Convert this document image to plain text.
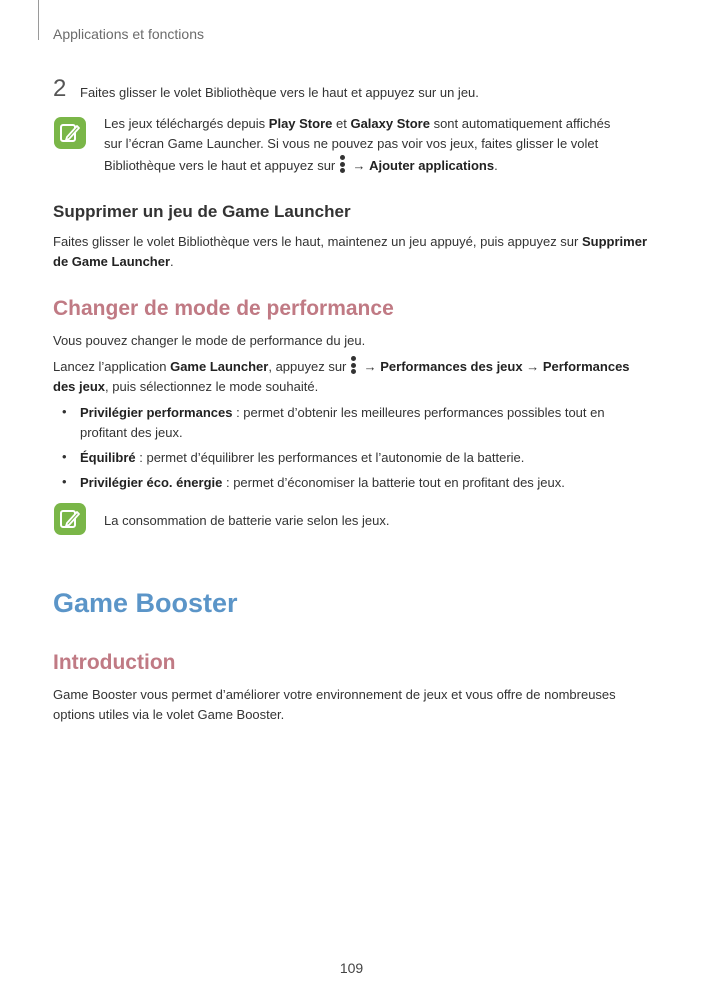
Applications et fonctions
2 Faites glisser le volet Bibliothèque vers le haut et appuyez sur un jeu.

Les jeux téléchargés depuis Play Store et Galaxy Store sont automatiquement affichés sur l’écran Game Launcher. Si vous ne pouvez pas voir vos jeux, faites glisser le volet Bibliothèque vers le haut et appuyez sur
→ Ajouter applications.

Supprimer un jeu de Game Launcher

Faites glisser le volet Bibliothèque vers le haut, maintenez un jeu appuyé, puis appuyez sur Supprimer de Game Launcher.

Changer de mode de performance

Vous pouvez changer le mode de performance du jeu.

Lancez l’application Game Launcher, appuyez sur
→ Performances des jeux → Performances des jeux, puis sélectionnez le mode souhaité.

• Privilégier performances : permet d’obtenir les meilleures performances possibles tout en profitant des jeux.

• Équilibré : permet d’équilibrer les performances et l’autonomie de la batterie.

• Privilégier éco. énergie : permet d’économiser la batterie tout en profitant des jeux.

La consommation de batterie varie selon les jeux.

Game Booster
Introduction

Game Booster vous permet d’améliorer votre environnement de jeux et vous offre de nombreuses options utiles via le volet Game Booster.

109
